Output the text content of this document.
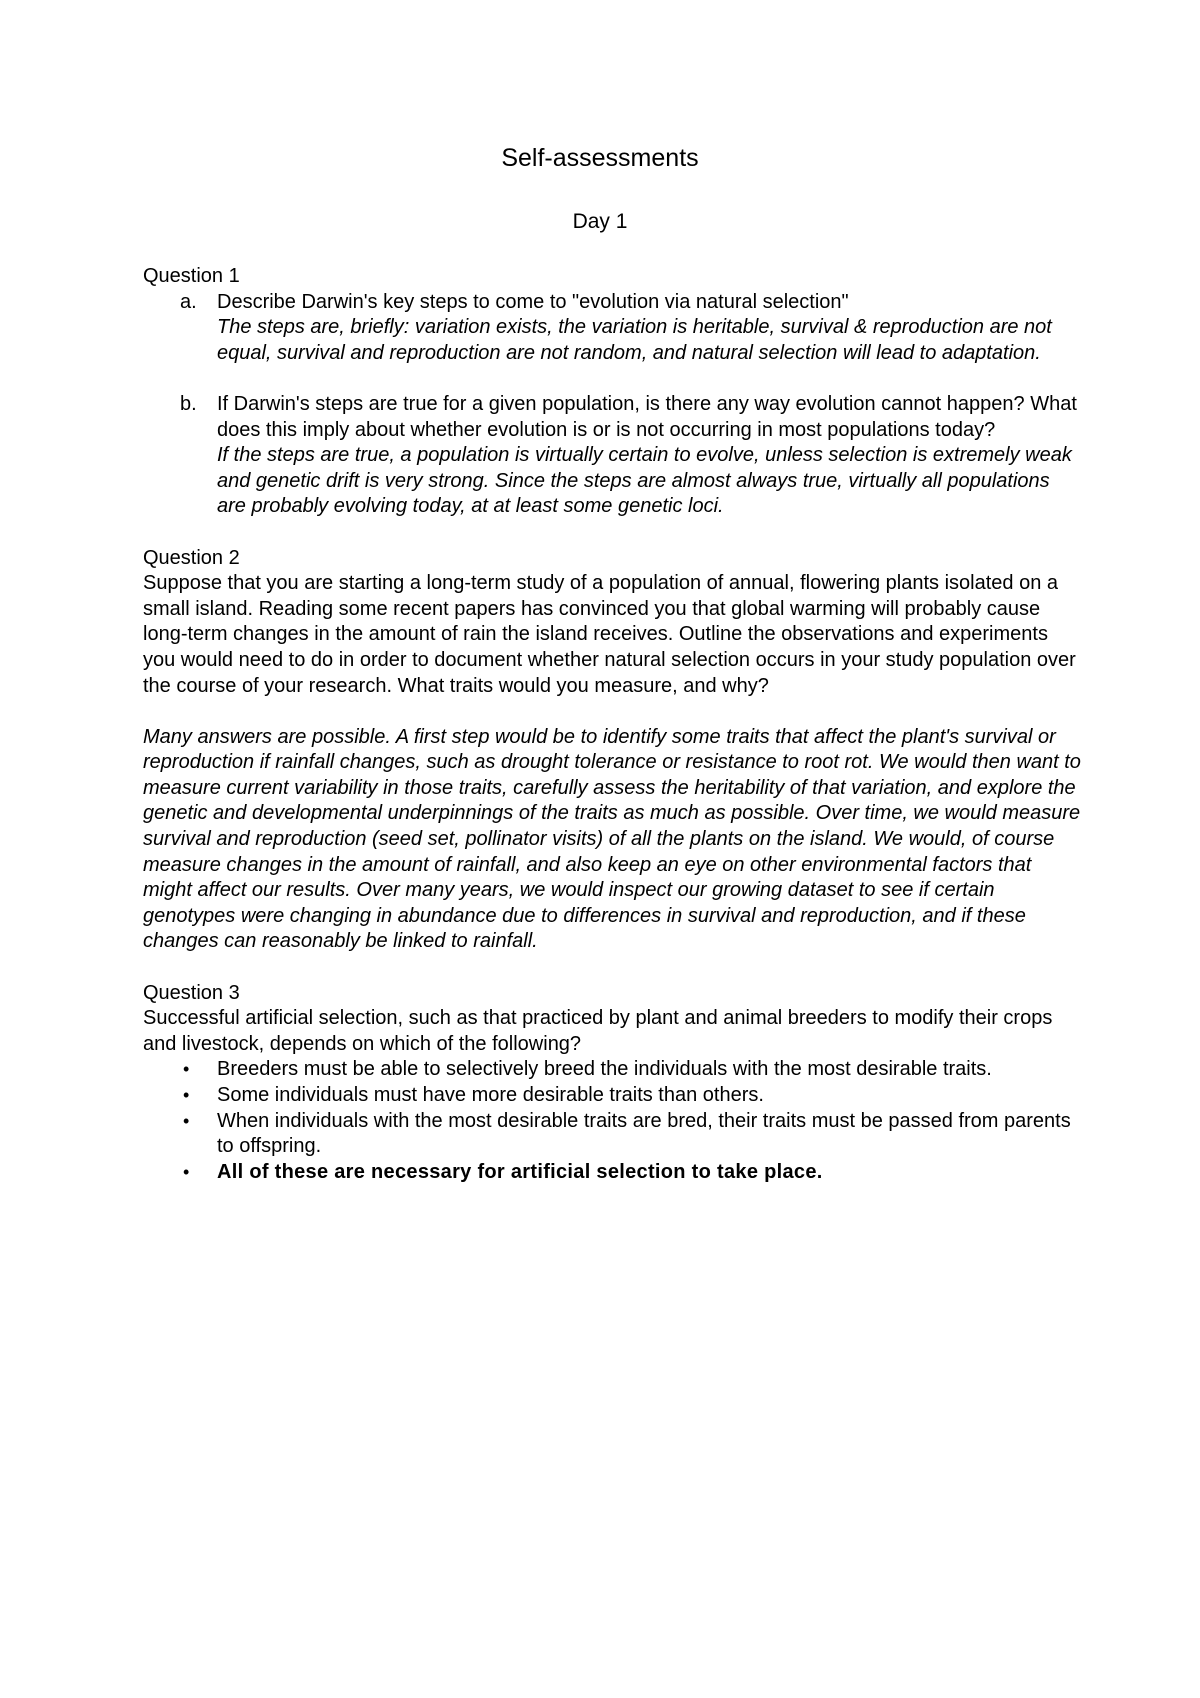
Self-assessments
Day 1

Question 1

a. Describe Darwin's key steps to come to "evolution via natural selection"
The steps are, briefly: variation exists, the variation is heritable, survival & reproduction are not equal, survival and reproduction are not random, and natural selection will lead to adaptation.
b. If Darwin's steps are true for a given population, is there any way evolution cannot happen? What does this imply about whether evolution is or is not occurring in most populations today?
If the steps are true, a population is virtually certain to evolve, unless selection is extremely weak and genetic drift is very strong. Since the steps are almost always true, virtually all populations are probably evolving today, at at least some genetic loci.

Question 2

Suppose that you are starting a long-term study of a population of annual, flowering plants isolated on a small island. Reading some recent papers has convinced you that global warming will probably cause long-term changes in the amount of rain the island receives. Outline the observations and experiments you would need to do in order to document whether natural selection occurs in your study population over the course of your research. What traits would you measure, and why?
Many answers are possible. A first step would be to identify some traits that affect the plant's survival or reproduction if rainfall changes, such as drought tolerance or resistance to root rot. We would then want to measure current variability in those traits, carefully assess the heritability of that variation, and explore the genetic and developmental underpinnings of the traits as much as possible. Over time, we would measure survival and reproduction (seed set, pollinator visits) of all the plants on the island. We would, of course measure changes in the amount of rainfall, and also keep an eye on other environmental factors that might affect our results. Over many years, we would inspect our growing dataset to see if certain genotypes were changing in abundance due to differences in survival and reproduction, and if these changes can reasonably be linked to rainfall.

Question 3

Successful artificial selection, such as that practiced by plant and animal breeders to modify their crops and livestock, depends on which of the following?
• Breeders must be able to selectively breed the individuals with the most desirable traits.
• Some individuals must have more desirable traits than others.
• When individuals with the most desirable traits are bred, their traits must be passed from parents to offspring.
• All of these are necessary for artificial selection to take place.
